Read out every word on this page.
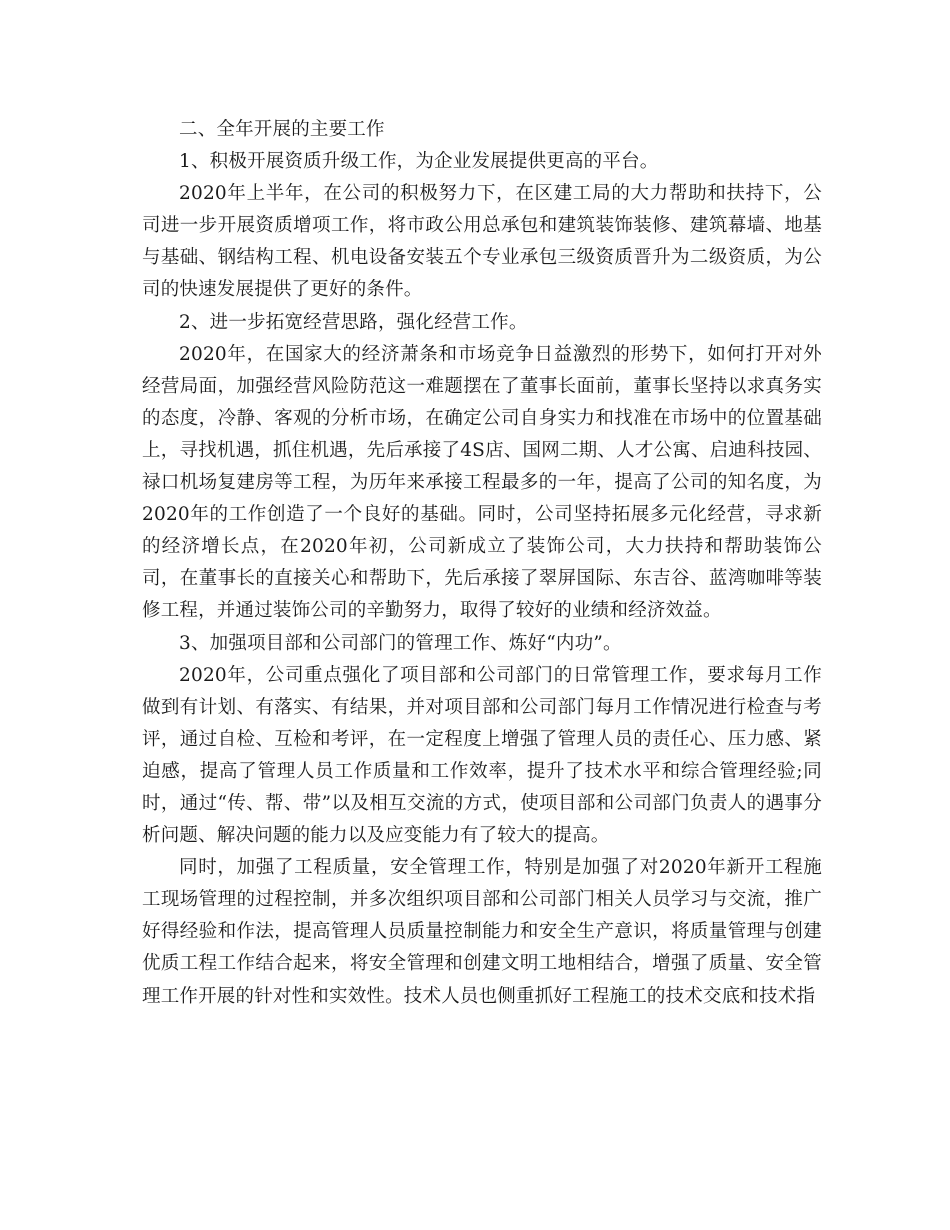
二、全年开展的主要工作

1、积极开展资质升级工作，为企业发展提供更高的平台。

2020年上半年，在公司的积极努力下，在区建工局的大力帮助和扶持下，公司进一步开展资质增项工作，将市政公用总承包和建筑装饰装修、建筑幕墙、地基与基础、钢结构工程、机电设备安装五个专业承包三级资质晋升为二级资质，为公司的快速发展提供了更好的条件。

2、进一步拓宽经营思路，强化经营工作。

2020年，在国家大的经济萧条和市场竞争日益激烈的形势下，如何打开对外经营局面，加强经营风险防范这一难题摆在了董事长面前，董事长坚持以求真务实的态度，冷静、客观的分析市场，在确定公司自身实力和找准在市场中的位置基础上，寻找机遇，抓住机遇，先后承接了4S店、国网二期、人才公寓、启迪科技园、禄口机场复建房等工程，为历年来承接工程最多的一年，提高了公司的知名度，为2020年的工作创造了一个良好的基础。同时，公司坚持拓展多元化经营，寻求新的经济增长点，在2020年初，公司新成立了装饰公司，大力扶持和帮助装饰公司，在董事长的直接关心和帮助下，先后承接了翠屏国际、东吉谷、蓝湾咖啡等装修工程，并通过装饰公司的辛勤努力，取得了较好的业绩和经济效益。

3、加强项目部和公司部门的管理工作、炼好“内功”。

2020年，公司重点强化了项目部和公司部门的日常管理工作，要求每月工作做到有计划、有落实、有结果，并对项目部和公司部门每月工作情况进行检查与考评，通过自检、互检和考评，在一定程度上增强了管理人员的责任心、压力感、紧迫感，提高了管理人员工作质量和工作效率，提升了技术水平和综合管理经验;同时，通过“传、帮、带”以及相互交流的方式，使项目部和公司部门负责人的遇事分析问题、解决问题的能力以及应变能力有了较大的提高。

同时，加强了工程质量，安全管理工作，特别是加强了对2020年新开工程施工现场管理的过程控制，并多次组织项目部和公司部门相关人员学习与交流，推广好得经验和作法，提高管理人员质量控制能力和安全生产意识，将质量管理与创建优质工程工作结合起来，将安全管理和创建文明工地相结合，增强了质量、安全管理工作开展的针对性和实效性。技术人员也侧重抓好工程施工的技术交底和技术指
